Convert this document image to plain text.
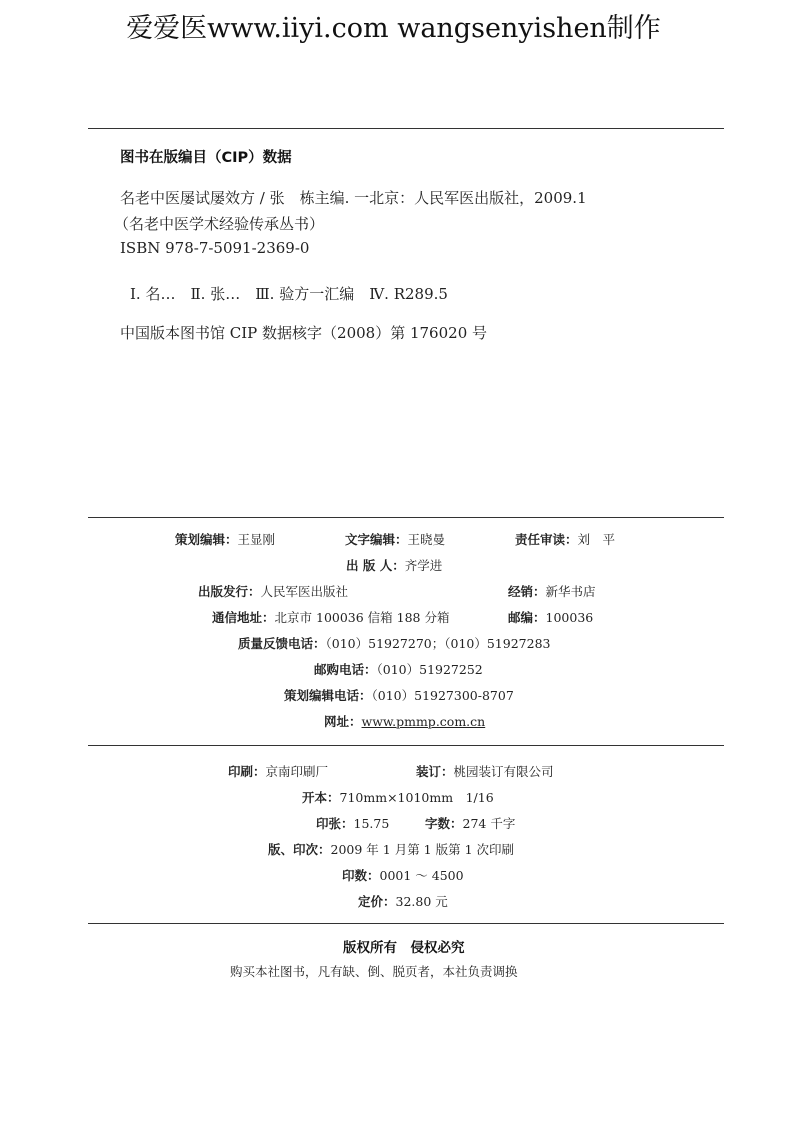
爱爱医www.iiyi.com wangsenyishen制作
图书在版编目（CIP）数据
名老中医屡试屡效方 / 张　栋主编. 一北京：人民军医出版社，2009.1
（名老中医学术经验传承丛书）
ISBN 978-7-5091-2369-0
Ⅰ. 名…　Ⅱ. 张…　Ⅲ. 验方一汇编　Ⅳ. R289.5
中国版本图书馆 CIP 数据核字（2008）第 176020 号
策划编辑：王显刚	文字编辑：王晓曼	责任审读：刘　平
出 版 人：齐学进
出版发行：人民军医出版社	经销：新华书店
通信地址：北京市 100036 信箱 188 分箱	邮编：100036
质量反馈电话：（010）51927270；（010）51927283
邮购电话：（010）51927252
策划编辑电话：（010）51927300-8707
网址：www.pmmp.com.cn
印刷：京南印刷厂	装订：桃园装订有限公司
开本：710mm×1010mm　1/16
印张：15.75	字数：274 千字
版、印次：2009 年 1 月第 1 版第 1 次印刷
印数：0001 ～ 4500
定价：32.80 元
版权所有　侵权必究
购买本社图书，凡有缺、倒、脱页者，本社负责调换
